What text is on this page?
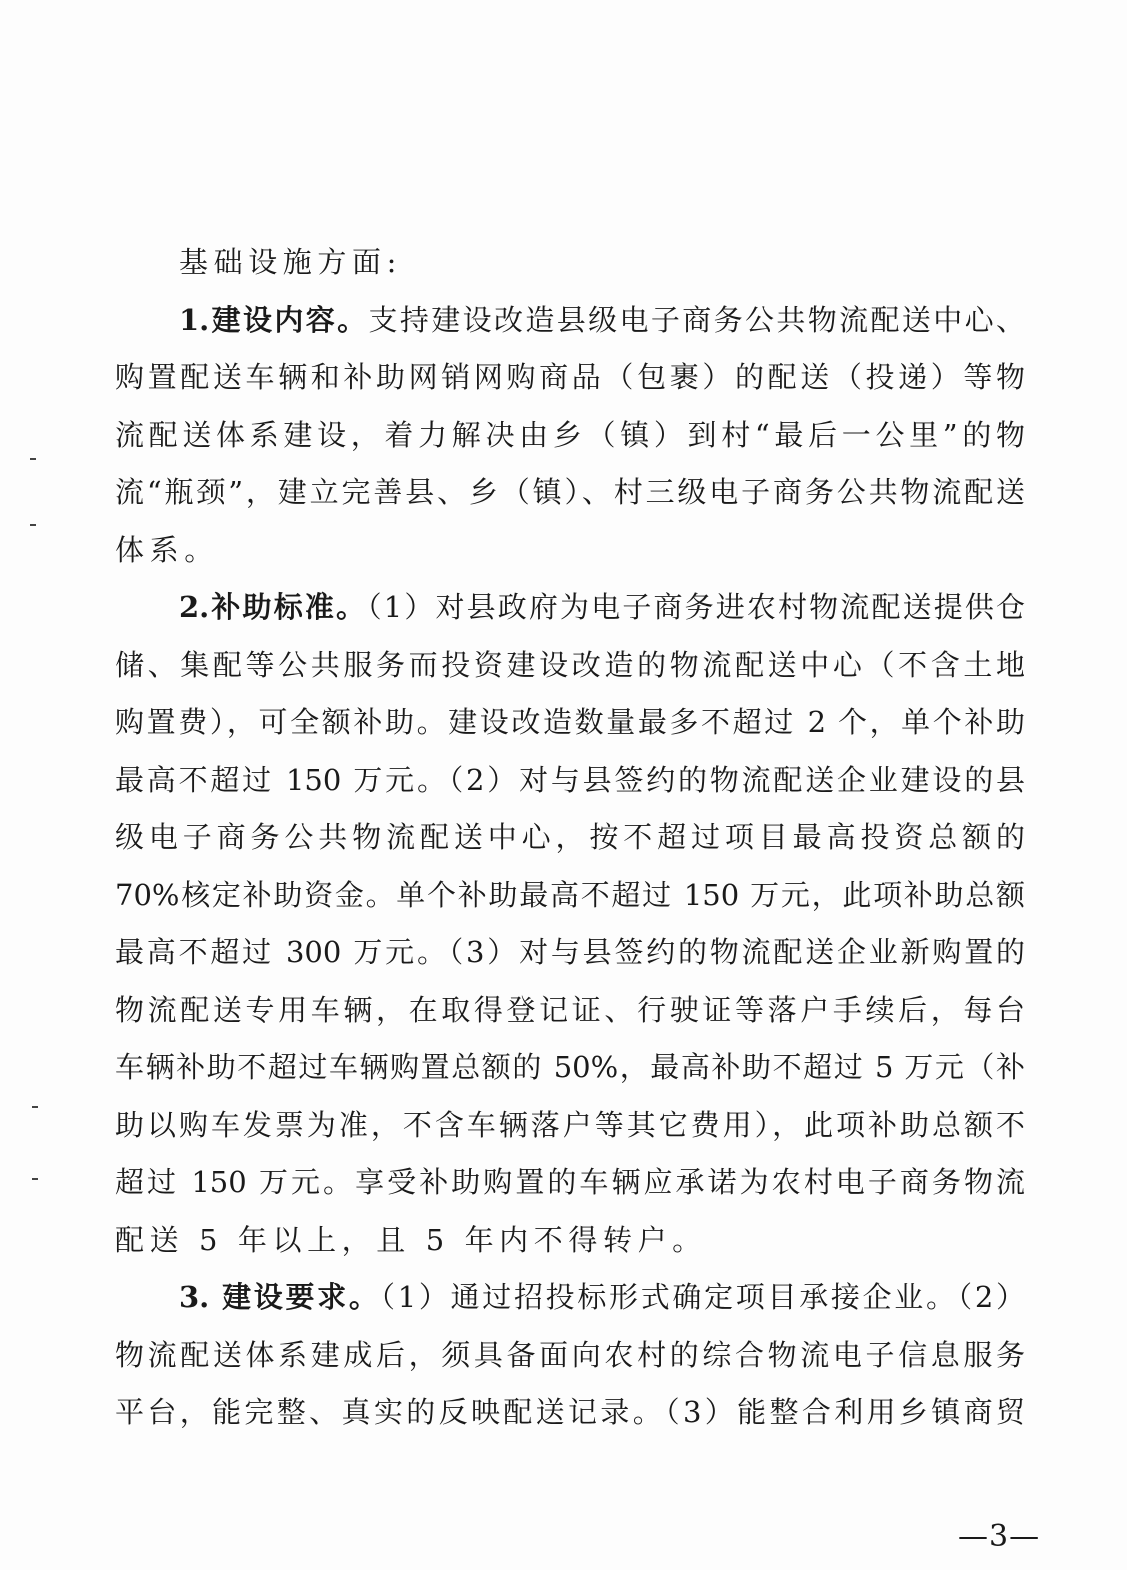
基础设施方面:
1.建设内容。支持建设改造县级电子商务公共物流配送中心、
购置配送车辆和补助网销网购商品（包裹）的配送（投递）等物
流配送体系建设，着力解决由乡（镇）到村“最后一公里”的物
流“瓶颈”，建立完善县、乡（镇）、村三级电子商务公共物流配送
体系。
2.补助标准。（1）对县政府为电子商务进农村物流配送提供仓
储、集配等公共服务而投资建设改造的物流配送中心（不含土地
购置费），可全额补助。建设改造数量最多不超过 2 个，单个补助
最高不超过 150 万元。（2）对与县签约的物流配送企业建设的县
级电子商务公共物流配送中心，按不超过项目最高投资总额的
70%核定补助资金。单个补助最高不超过 150 万元，此项补助总额
最高不超过 300 万元。（3）对与县签约的物流配送企业新购置的
物流配送专用车辆，在取得登记证、行驶证等落户手续后，每台
车辆补助不超过车辆购置总额的 50%，最高补助不超过 5 万元（补
助以购车发票为准，不含车辆落户等其它费用），此项补助总额不
超过 150 万元。享受补助购置的车辆应承诺为农村电子商务物流
配送 5 年以上，且 5 年内不得转户。
3. 建设要求。（1）通过招投标形式确定项目承接企业。（2）
物流配送体系建成后，须具备面向农村的综合物流电子信息服务
平台，能完整、真实的反映配送记录。（3）能整合利用乡镇商贸
—3—
